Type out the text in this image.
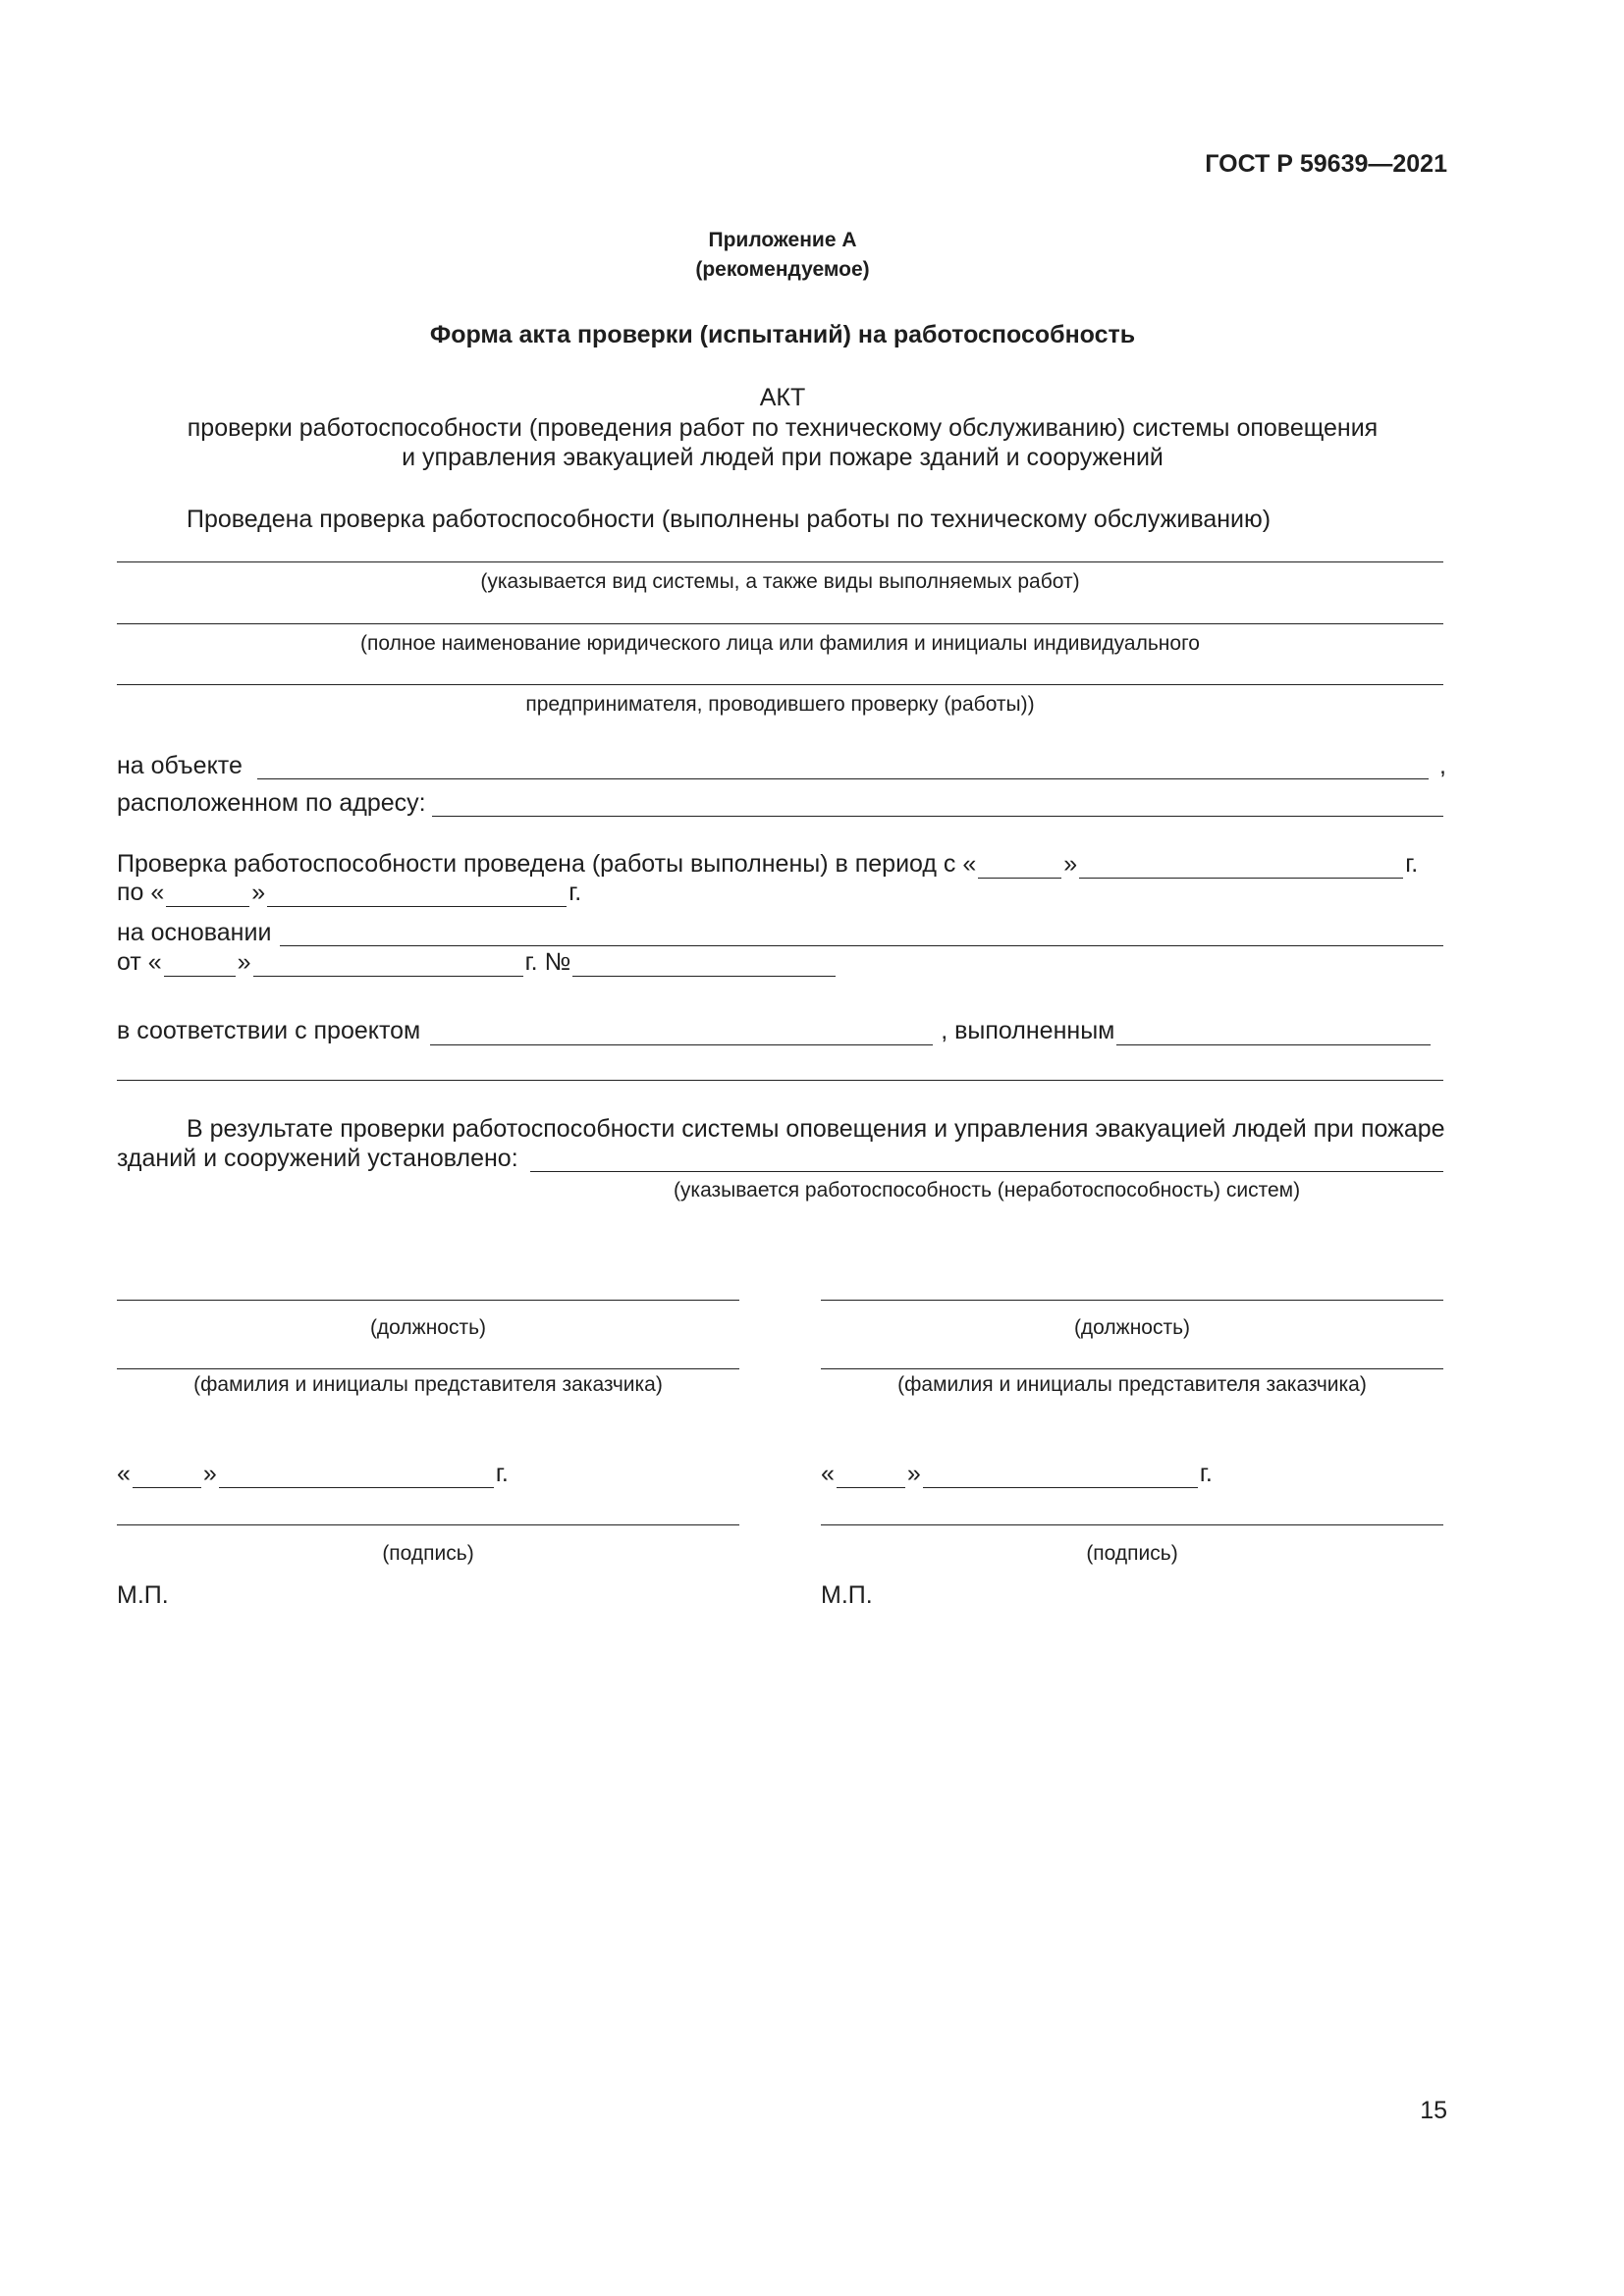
ГОСТ Р 59639—2021
Приложение А
(рекомендуемое)
Форма акта проверки (испытаний) на работоспособность
АКТ
проверки работоспособности (проведения работ по техническому обслуживанию) системы оповещения
и управления эвакуацией людей при пожаре зданий и сооружений
Проведена проверка работоспособности (выполнены работы по техническому обслуживанию)
(указывается вид системы, а также виды выполняемых работ)
(полное наименование юридического лица или фамилия и инициалы индивидуального
предпринимателя, проводившего проверку (работы))
на объекте	,
расположенном по адресу:
Проверка работоспособности проведена (работы выполнены) в период с «	»	г.
по «	»	г.
на основании
от «	»	г. №
в соответствии с проектом	, выполненным
В результате проверки работоспособности системы оповещения и управления эвакуацией людей при пожаре
зданий и сооружений установлено:
(указывается работоспособность (неработоспособность) систем)
(должность)
(фамилия и инициалы представителя заказчика)
«	»	г.
(подпись)
М.П.
(должность)
(фамилия и инициалы представителя заказчика)
«	»	г.
(подпись)
М.П.
15
